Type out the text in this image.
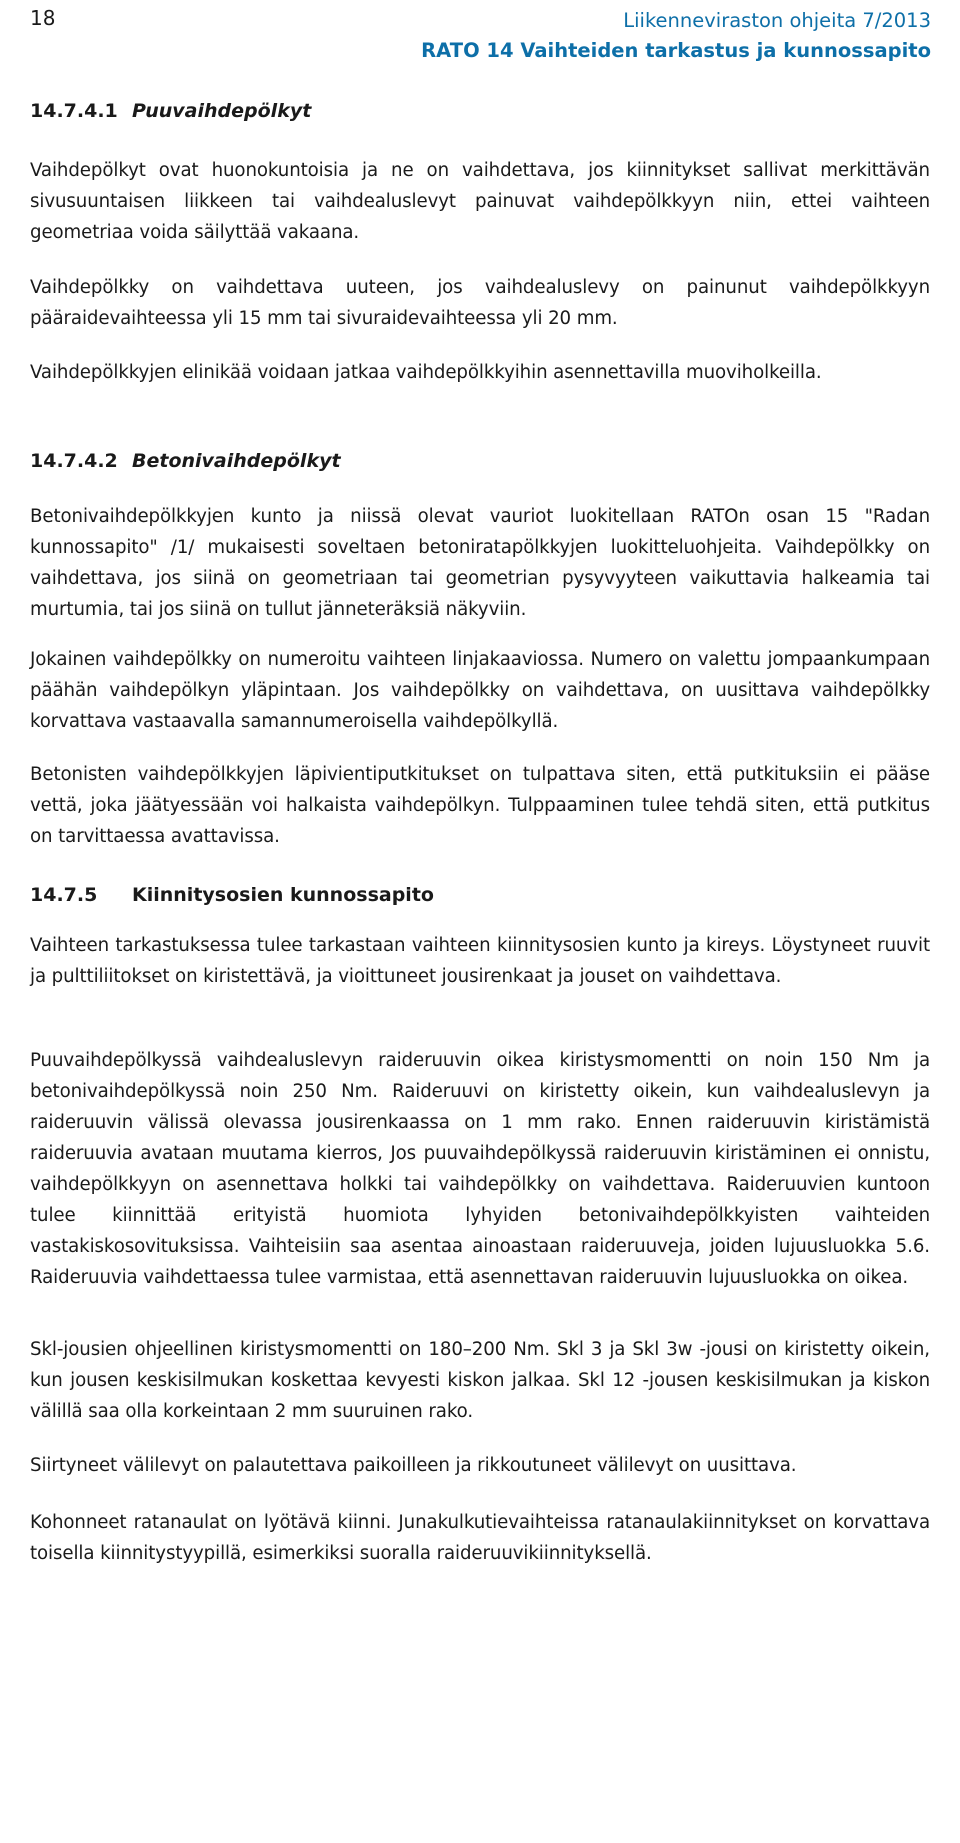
18	Liikenneviraston ohjeita 7/2013
RATO 14 Vaihteiden tarkastus ja kunnossapito
14.7.4.1 Puuvaihdepölkyt

Vaihdepölkyt ovat huonokuntoisia ja ne on vaihdettava, jos kiinnitykset sallivat merkittävän sivusuuntaisen liikkeen tai vaihdealuslevyt painuvat vaihdepölkkyyn niin, ettei vaihteen geometriaa voida säilyttää vakaana.

Vaihdepölkky on vaihdettava uuteen, jos vaihdealuslevy on painunut vaihdepölkkyyn pääraidevaihteessa yli 15 mm tai sivuraidevaihteessa yli 20 mm.

Vaihdepölkkyjen elinikää voidaan jatkaa vaihdepölkkyihin asennettavilla muoviholkeilla.

14.7.4.2 Betonivaihdepölkyt

Betonivaihdepölkkyjen kunto ja niissä olevat vauriot luokitellaan RATOn osan 15 "Radan kunnossapito" /1/ mukaisesti soveltaen betoniratapölkkyjen luokitteluohjeita. Vaihdepölkky on vaihdettava, jos siinä on geometriaan tai geometrian pysyvyyteen vaikuttavia halkeamia tai murtumia, tai jos siinä on tullut jänneteräksiä näkyviin.

Jokainen vaihdepölkky on numeroitu vaihteen linjakaaviossa. Numero on valettu jompaankumpaan päähän vaihdepölkyn yläpintaan. Jos vaihdepölkky on vaihdettava, on uusittava vaihdepölkky korvattava vastaavalla samannumeroisella vaihdepölkyllä.

Betonisten vaihdepölkkyjen läpivientiputkitukset on tulpattava siten, että putkituksiin ei pääse vettä, joka jäätyessään voi halkaista vaihdepölkyn. Tulppaaminen tulee tehdä siten, että putkitus on tarvittaessa avattavissa.

14.7.5	Kiinnitysosien kunnossapito

Vaihteen tarkastuksessa tulee tarkastaan vaihteen kiinnitysosien kunto ja kireys. Löystyneet ruuvit ja pulttiliitokset on kiristettävä, ja vioittuneet jousirenkaat ja jouset on vaihdettava.

Puuvaihdepölkyssä vaihdealuslevyn raideruuvin oikea kiristysmomentti on noin 150 Nm ja betonivaihdepölkyssä noin 250 Nm. Raideruuvi on kiristetty oikein, kun vaihdealuslevyn ja raideruuvin välissä olevassa jousirenkaassa on 1 mm rako. Ennen raideruuvin kiristämistä raideruuvia avataan muutama kierros, Jos puuvaihdepölkyssä raideruuvin kiristäminen ei onnistu, vaihdepölkkyyn on asennettava holkki tai vaihdepölkky on vaihdettava. Raideruuvien kuntoon tulee kiinnittää erityistä huomiota lyhyiden betonivaihdepölkkyisten vaihteiden vastakiskosovituksissa. Vaihteisiin saa asentaa ainoastaan raideruuveja, joiden lujuusluokka 5.6. Raideruuvia vaihdettaessa tulee varmistaa, että asennettavan raideruuvin lujuusluokka on oikea.

Skl-jousien ohjeellinen kiristysmomentti on 180–200 Nm. Skl 3 ja Skl 3w -jousi on kiristetty oikein, kun jousen keskisilmukan koskettaa kevyesti kiskon jalkaa. Skl 12 -jousen keskisilmukan ja kiskon välillä saa olla korkeintaan 2 mm suuruinen rako.

Siirtyneet välilevyt on palautettava paikoilleen ja rikkoutuneet välilevyt on uusittava.

Kohonneet ratanaulat on lyötävä kiinni. Junakulkutievaihteissa ratanaulakiinnitykset on korvattava toisella kiinnitystyypillä, esimerkiksi suoralla raideruuvikiinnityksellä.
